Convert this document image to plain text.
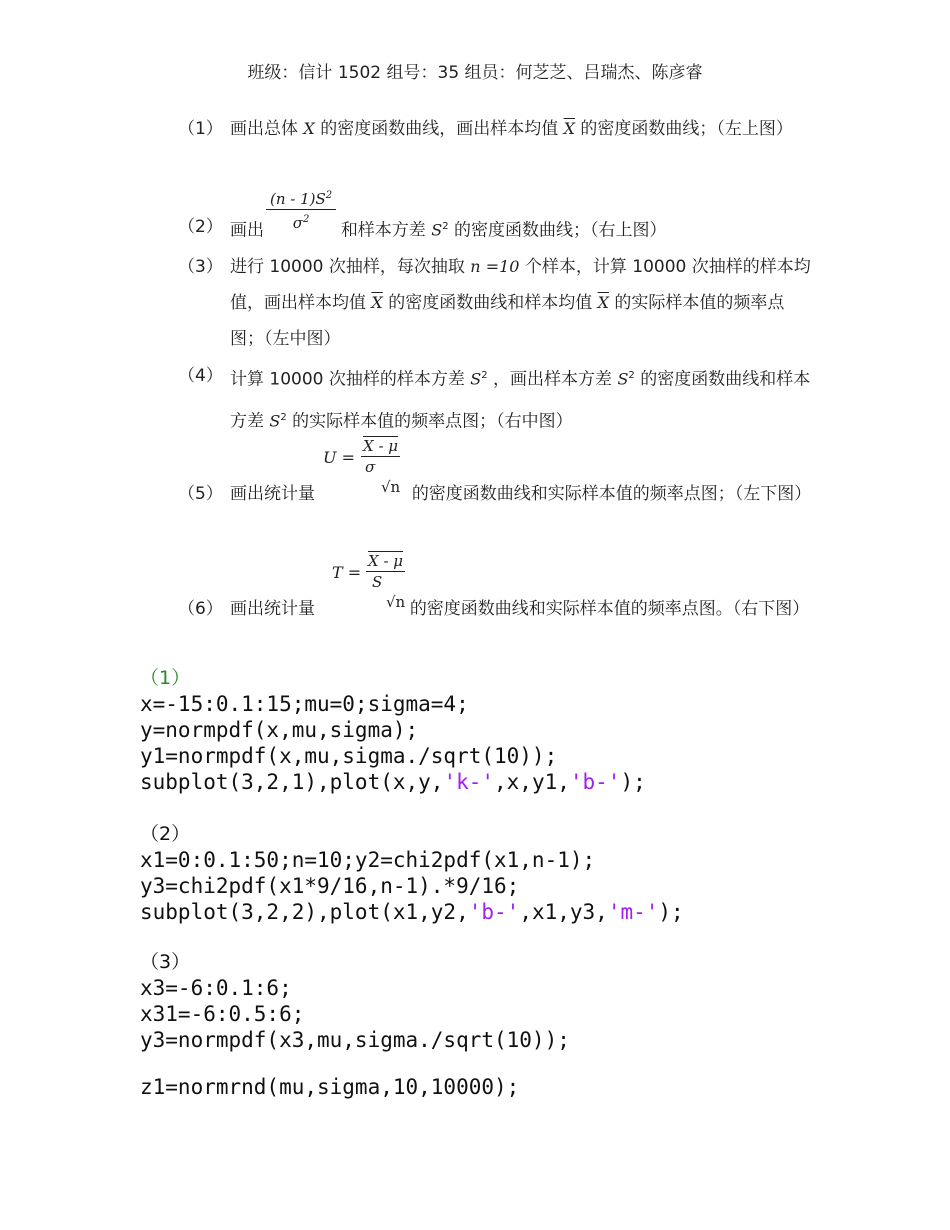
班级：信计 1502 组号：35 组员：何芝芝、吕瑞杰、陈彦睿
（1） 画出总体 X 的密度函数曲线，画出样本均值 $\overline{X}$ 的密度函数曲线；（左上图）
$\frac{(n - 1)S^2}{\sigma^2}$
（2） 画出	和样本方差 $S^2$ 的密度函数曲线；（右上图）
（3） 进行 10000 次抽样，每次抽取 n =10 个样本，计算 10000 次抽样的样本均值，画出样本均值 $\overline{X}$ 的密度函数曲线和样本均值 $\overline{X}$ 的实际样本值的频率点图；（左中图）
（4） 计算 10000 次抽样的样本方差 $S^2$ ，画出样本方差 $S^2$ 的密度函数曲线和样本方差 $S^2$ 的实际样本值的频率点图；（右中图）
U =
X - μ
σ
√n
（5） 画出统计量	的密度函数曲线和实际样本值的频率点图；（左下图）
T =
X - μ
S
√n
（6） 画出统计量	的密度函数曲线和实际样本值的频率点图。（右下图）
（1）
x=-15:0.1:15;mu=0;sigma=4;
y=normpdf(x,mu,sigma);
y1=normpdf(x,mu,sigma./sqrt(10));
subplot(3,2,1),plot(x,y,'k-',x,y1,'b-');
（2）
x1=0:0.1:50;n=10;y2=chi2pdf(x1,n-1);
y3=chi2pdf(x1*9/16,n-1).*9/16;
subplot(3,2,2),plot(x1,y2,'b-',x1,y3,'m-');
（3）
x3=-6:0.1:6;
x31=-6:0.5:6;
y3=normpdf(x3,mu,sigma./sqrt(10));
z1=normrnd(mu,sigma,10,10000);
